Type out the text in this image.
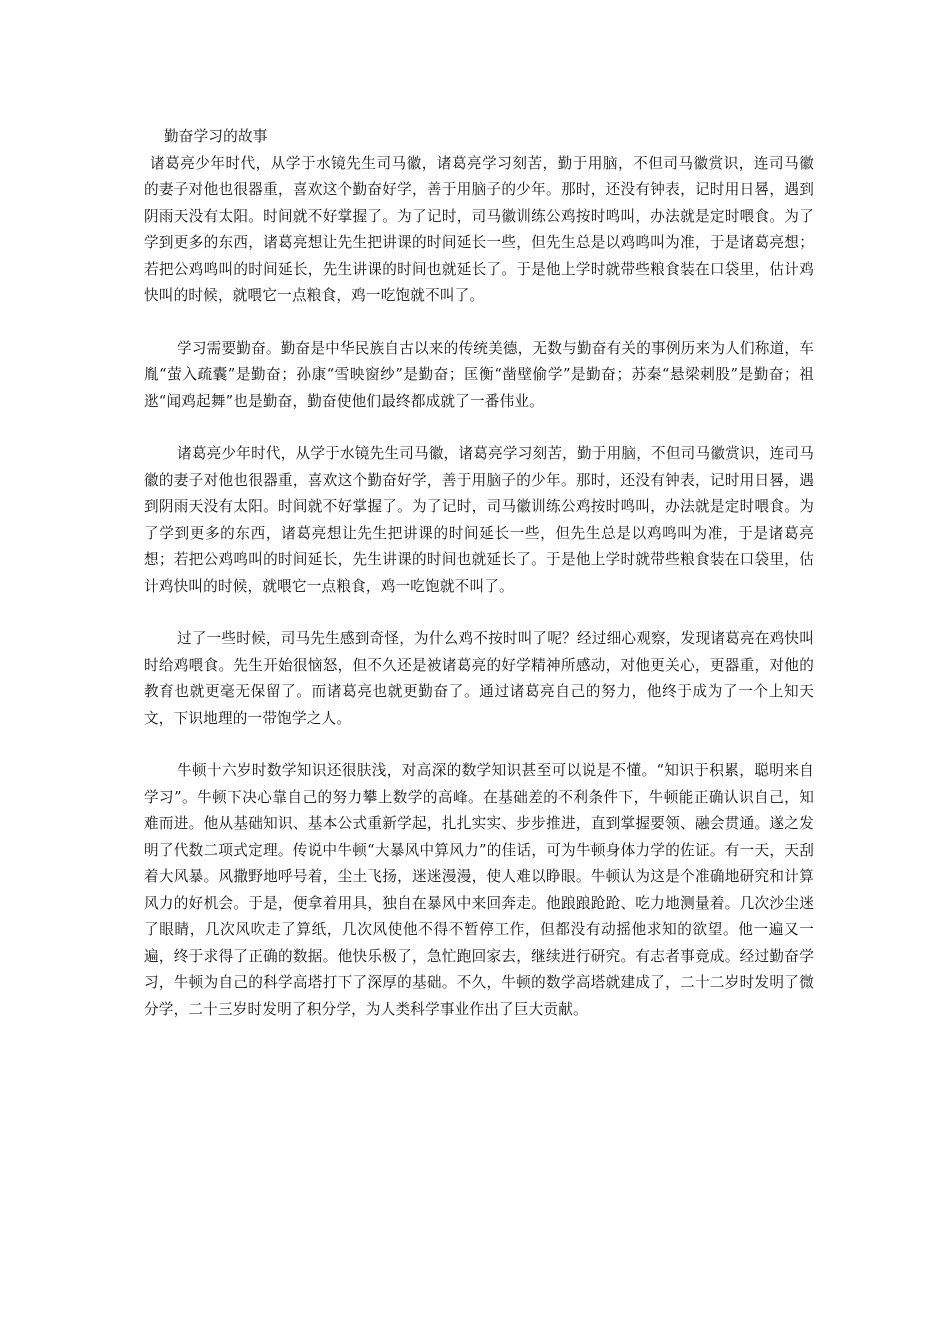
勤奋学习的故事

诸葛亮少年时代，从学于水镜先生司马徽，诸葛亮学习刻苦，勤于用脑，不但司马徽赏识，连司马徽的妻子对他也很器重，喜欢这个勤奋好学，善于用脑子的少年。那时，还没有钟表，记时用日晷，遇到阴雨天没有太阳。时间就不好掌握了。为了记时，司马徽训练公鸡按时鸣叫，办法就是定时喂食。为了学到更多的东西，诸葛亮想让先生把讲课的时间延长一些，但先生总是以鸡鸣叫为准，于是诸葛亮想；若把公鸡鸣叫的时间延长，先生讲课的时间也就延长了。于是他上学时就带些粮食装在口袋里，估计鸡快叫的时候，就喂它一点粮食，鸡一吃饱就不叫了。

学习需要勤奋。勤奋是中华民族自古以来的传统美德，无数与勤奋有关的事例历来为人们称道，车胤“萤入疏囊”是勤奋；孙康“雪映窗纱”是勤奋；匡衡“凿壁偷学”是勤奋；苏秦“悬梁刺股”是勤奋；祖逖“闻鸡起舞”也是勤奋，勤奋使他们最终都成就了一番伟业。

诸葛亮少年时代，从学于水镜先生司马徽，诸葛亮学习刻苦，勤于用脑，不但司马徽赏识，连司马徽的妻子对他也很器重，喜欢这个勤奋好学，善于用脑子的少年。那时，还没有钟表，记时用日晷，遇到阴雨天没有太阳。时间就不好掌握了。为了记时，司马徽训练公鸡按时鸣叫，办法就是定时喂食。为了学到更多的东西，诸葛亮想让先生把讲课的时间延长一些，但先生总是以鸡鸣叫为准，于是诸葛亮想；若把公鸡鸣叫的时间延长，先生讲课的时间也就延长了。于是他上学时就带些粮食装在口袋里，估计鸡快叫的时候，就喂它一点粮食，鸡一吃饱就不叫了。

过了一些时候，司马先生感到奇怪，为什么鸡不按时叫了呢？经过细心观察，发现诸葛亮在鸡快叫时给鸡喂食。先生开始很恼怒，但不久还是被诸葛亮的好学精神所感动，对他更关心，更器重，对他的教育也就更毫无保留了。而诸葛亮也就更勤奋了。通过诸葛亮自己的努力，他终于成为了一个上知天文，下识地理的一带饱学之人。

牛顿十六岁时数学知识还很肤浅，对高深的数学知识甚至可以说是不懂。“知识于积累，聪明来自学习”。牛顿下决心靠自己的努力攀上数学的高峰。在基础差的不利条件下，牛顿能正确认识自己，知难而进。他从基础知识、基本公式重新学起，扎扎实实、步步推进，直到掌握要领、融会贯通。遂之发明了代数二项式定理。传说中牛顿“大暴风中算风力”的佳话，可为牛顿身体力学的佐证。有一天，天刮着大风暴。风撒野地呼号着，尘土飞扬，迷迷漫漫，使人难以睁眼。牛顿认为这是个准确地研究和计算风力的好机会。于是，便拿着用具，独自在暴风中来回奔走。他踉踉跄跄、吃力地测量着。几次沙尘迷了眼睛，几次风吹走了算纸，几次风使他不得不暂停工作，但都没有动摇他求知的欲望。他一遍又一遍，终于求得了正确的数据。他快乐极了，急忙跑回家去，继续进行研究。有志者事竟成。经过勤奋学习，牛顿为自己的科学高塔打下了深厚的基础。不久，牛顿的数学高塔就建成了，二十二岁时发明了微分学，二十三岁时发明了积分学，为人类科学事业作出了巨大贡献。
